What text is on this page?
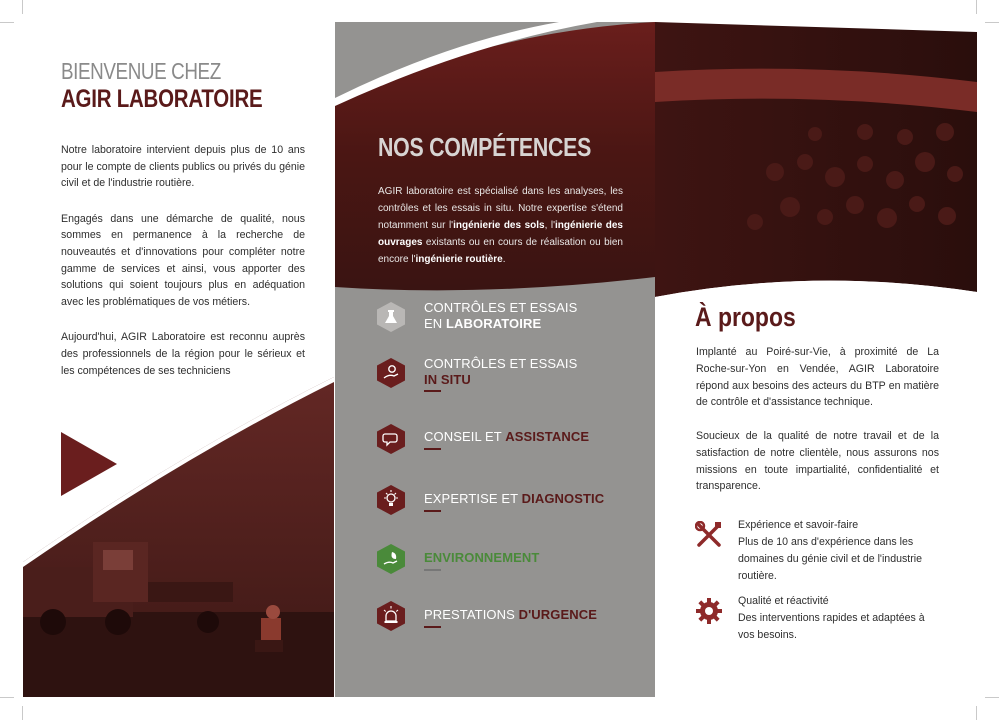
BIENVENUE CHEZ
AGIR LABORATOIRE

Notre laboratoire intervient depuis plus de 10 ans pour le compte de clients publics ou privés du génie civil et de l'industrie routière.

Engagés dans une démarche de qualité, nous sommes en permanence à la recherche de nouveautés et d'innovations pour compléter notre gamme de services et ainsi, vous apporter des solutions qui soient toujours plus en adéquation avec les problématiques de vos métiers.

Aujourd'hui, AGIR Laboratoire est reconnu auprès des professionnels de la région pour le sérieux et les compétences de ses techniciens

NOS COMPÉTENCES

AGIR laboratoire est spécialisé dans les analyses, les contrôles et les essais in situ. Notre expertise s'étend notamment sur l'ingénierie des sols, l'ingénierie des ouvrages existants ou en cours de réalisation ou bien encore l'ingénierie routière.

CONTRÔLES ET ESSAIS
EN LABORATOIRE
CONTRÔLES ET ESSAIS
IN SITU
CONSEIL ET ASSISTANCE
EXPERTISE ET DIAGNOSTIC
ENVIRONNEMENT
PRESTATIONS D'URGENCE
À propos

Implanté au Poiré-sur-Vie, à proximité de La Roche-sur-Yon en Vendée, AGIR Laboratoire répond aux besoins des acteurs du BTP en matière de contrôle et d'assistance technique.

Soucieux de la qualité de notre travail et de la satisfaction de notre clientèle, nous assurons nos missions en toute impartialité, confidentialité et transparence.

Expérience et savoir-faire
Plus de 10 ans d'expérience dans les domaines du génie civil et de l'industrie routière.
Qualité et réactivité
Des interventions rapides et adaptées à vos besoins.
